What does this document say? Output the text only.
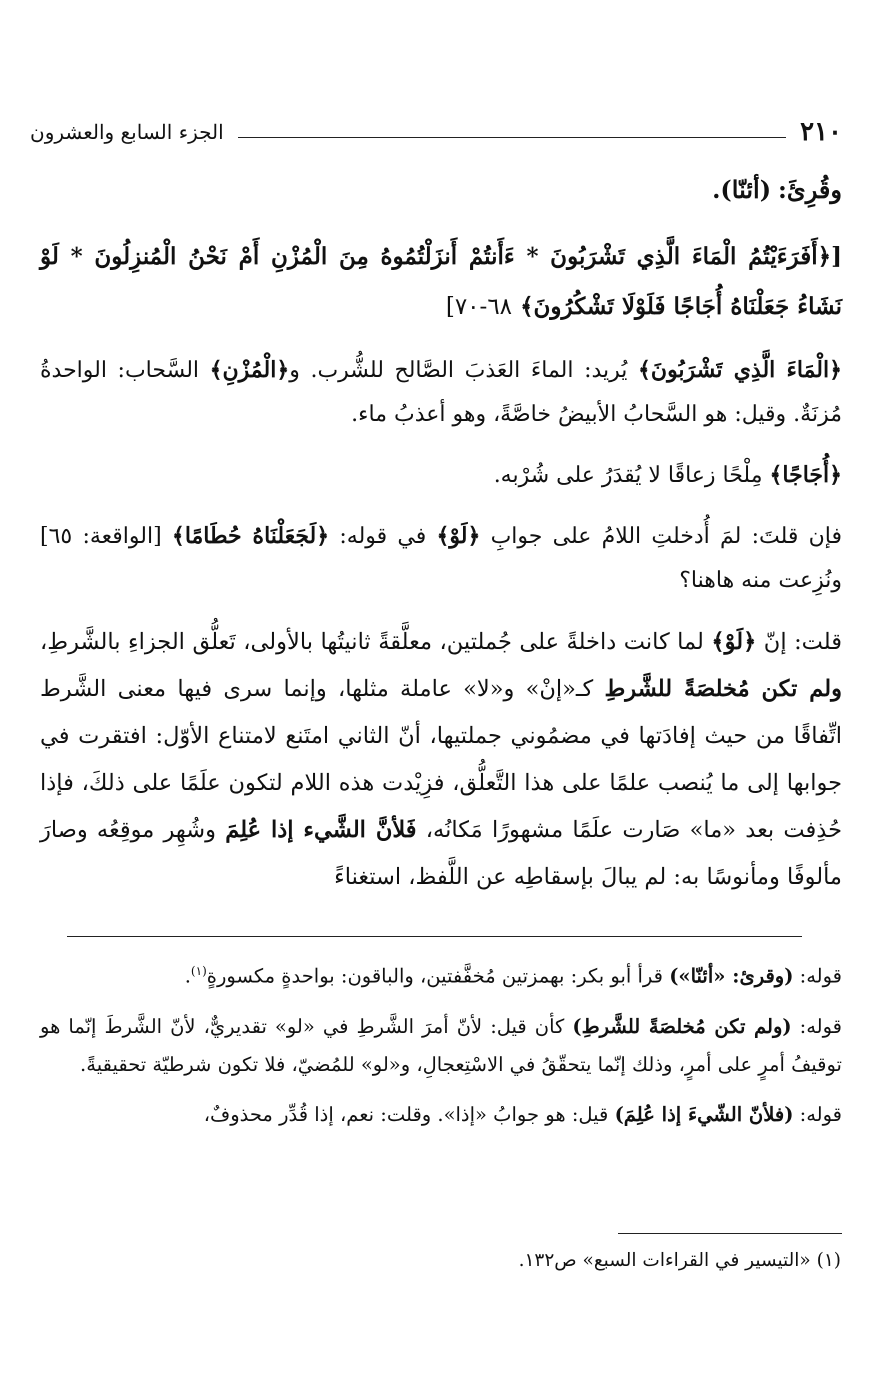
٢١٠
الجزء السابع والعشرون

وقُرِئَ: (أئنّا).

[﴿أَفَرَءَيْتُمُ الْمَاءَ الَّذِي تَشْرَبُونَ * ءَأَنتُمْ أَنزَلْتُمُوهُ مِنَ الْمُزْنِ أَمْ نَحْنُ الْمُنزِلُونَ * لَوْ نَشَاءُ جَعَلْنَاهُ أُجَاجًا فَلَوْلَا تَشْكُرُونَ﴾ ٦٨-٧٠]

﴿الْمَاءَ الَّذِي تَشْرَبُونَ﴾ يُريد: الماءَ العَذبَ الصَّالح للشُّرب. و﴿الْمُزْنِ﴾ السَّحاب: الواحدةُ مُزنَةٌ. وقيل: هو السَّحابُ الأبيضُ خاصَّةً، وهو أعذبُ ماء.

﴿أُجَاجًا﴾ مِلْحًا زعاقًا لا يُقدَرُ على شُرْبه.

فإن قلتَ: لمَ أُدخلتِ اللامُ على جوابِ ﴿لَوْ﴾ في قوله: ﴿لَجَعَلْنَاهُ حُطَامًا﴾ [الواقعة: ٦٥] ونُزِعت منه هاهنا؟

قلت: إنّ ﴿لَوْ﴾ لما كانت داخلةً على جُملتين، معلَّقةً ثانيتُها بالأولى، تَعلُّق الجزاءِ بالشَّرطِ، ولم تكن مُخلصَةً للشَّرطِ كـ«إنْ» و«لا» عاملة مثلها، وإنما سرى فيها معنى الشَّرط اتِّفاقًا من حيث إفادَتها في مضمُوني جملتيها، أنّ الثاني امتَنع لامتناع الأوّل: افتقرت في جوابها إلى ما يُنصب علمًا على هذا التَّعلُّق، فزِيْدت هذه اللام لتكون علَمًا على ذلكَ، فإذا حُذِفت بعد «ما» صَارت علَمًا مشهورًا مَكانُه، فَلأنَّ الشَّيء إذا عُلِمَ وشُهِر موقِعُه وصارَ مألوفًا ومأنوسًا به: لم يبالَ بإسقاطِه عن اللَّفظ، استغناءً

قوله: (وقرئ: «أئنّا») قرأ أبو بكر: بهمزتين مُخفَّفتين، والباقون: بواحدةٍ مكسورةٍ$^{(١)}$.

قوله: (ولم تكن مُخلصَةً للشَّرطِ) كأن قيل: لأنّ أمرَ الشَّرطِ في «لو» تقديريٌّ، لأنّ الشَّرطَ إنّما هو توقيفُ أمرٍ على أمرٍ، وذلك إنّما يتحقّقُ في الاسْتِعجالِ، و«لو» للمُضيّ، فلا تكون شرطيّة تحقيقيةً.

قوله: (فلأنّ الشّيءَ إذا عُلِمَ) قيل: هو جوابُ «إذا». وقلت: نعم، إذا قُدِّر محذوفٌ،

(١) «التيسير في القراءات السبع» ص١٣٢.
